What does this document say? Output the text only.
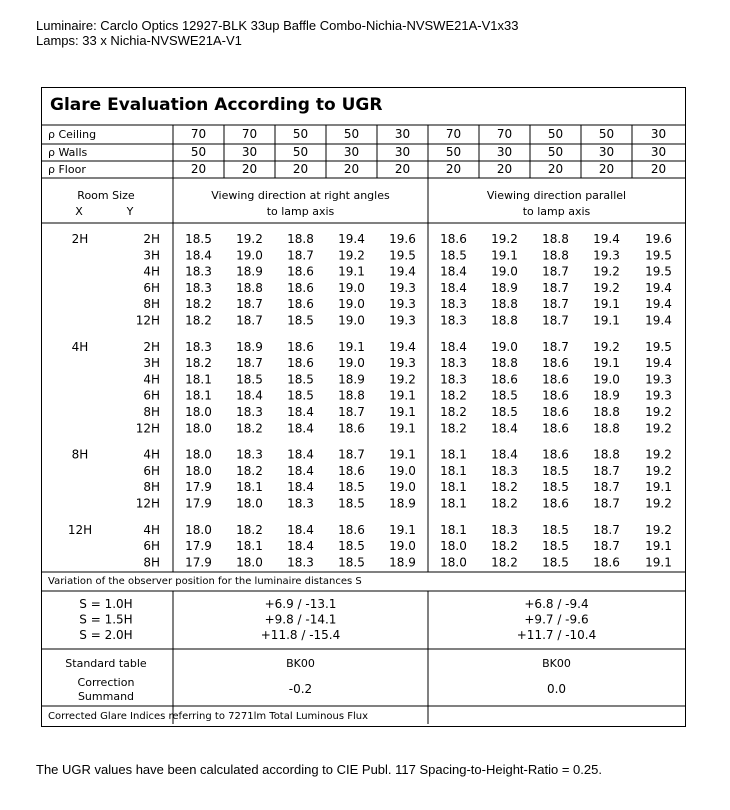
Luminaire: Carclo Optics 12927-BLK 33up Baffle Combo-Nichia-NVSWE21A-V1x33
Lamps: 33 x Nichia-NVSWE21A-V1
Glare Evaluation According to UGR
ρ Ceiling	70	70	50	50	30	70	70	50	50	30
ρ Walls	50	30	50	30	30	50	30	50	30	30
ρ Floor	20	20	20	20	20	20	20	20	20	20
Room Size
X	Y
Viewing direction at right angles
to lamp axis
Viewing direction parallel
to lamp axis
2H	2H 18.5 19.2 18.8 19.4 19.6 18.6 19.2 18.8 19.4 19.6
3H 18.4 19.0 18.7 19.2 19.5 18.5 19.1 18.8 19.3 19.5
4H 18.3 18.9 18.6 19.1 19.4 18.4 19.0 18.7 19.2 19.5
6H 18.3 18.8 18.6 19.0 19.3 18.4 18.9 18.7 19.2 19.4
8H 18.2 18.7 18.6 19.0 19.3 18.3 18.8 18.7 19.1 19.4
12H 18.2 18.7 18.5 19.0 19.3 18.3 18.8 18.7 19.1 19.4
4H	2H 18.3 18.9 18.6 19.1 19.4 18.4 19.0 18.7 19.2 19.5
3H 18.2 18.7 18.6 19.0 19.3 18.3 18.8 18.6 19.1 19.4
4H 18.1 18.5 18.5 18.9 19.2 18.3 18.6 18.6 19.0 19.3
6H 18.1 18.4 18.5 18.8 19.1 18.2 18.5 18.6 18.9 19.3
8H 18.0 18.3 18.4 18.7 19.1 18.2 18.5 18.6 18.8 19.2
12H 18.0 18.2 18.4 18.6 19.1 18.2 18.4 18.6 18.8 19.2
8H	4H 18.0 18.3 18.4 18.7 19.1 18.1 18.4 18.6 18.8 19.2
6H 18.0 18.2 18.4 18.6 19.0 18.1 18.3 18.5 18.7 19.2
8H 17.9 18.1 18.4 18.5 19.0 18.1 18.2 18.5 18.7 19.1
12H 17.9 18.0 18.3 18.5 18.9 18.1 18.2 18.6 18.7 19.2
12H	4H 18.0 18.2 18.4 18.6 19.1 18.1 18.3 18.5 18.7 19.2
6H 17.9 18.1 18.4 18.5 19.0 18.0 18.2 18.5 18.7 19.1
8H 17.9 18.0 18.3 18.5 18.9 18.0 18.2 18.5 18.6 19.1
Variation of the observer position for the luminaire distances S
S = 1.0H	+6.9 / -13.1	+6.8 / -9.4
S = 1.5H	+9.8 / -14.1	+9.7 / -9.6
S = 2.0H	+11.8 / -15.4	+11.7 / -10.4
Standard table	BK00	BK00
Correction
Summand
-0.2	0.0
Corrected Glare Indices referring to 7271lm Total Luminous Flux
The UGR values have been calculated according to CIE Publ. 117 Spacing-to-Height-Ratio = 0.25.
